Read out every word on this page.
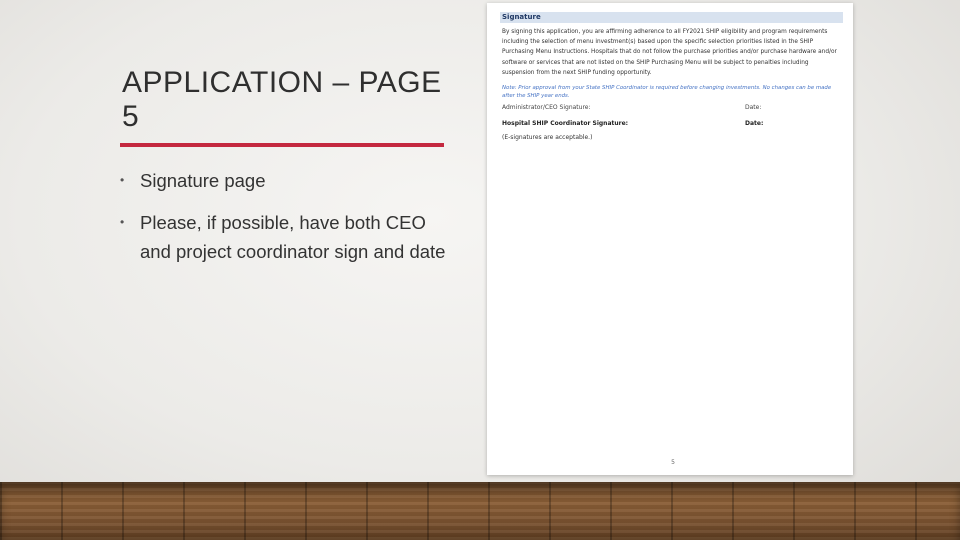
APPLICATION – PAGE 5
• Signature page
• Please, if possible, have both CEO and project coordinator sign and date
Signature

By signing this application, you are affirming adherence to all FY2021 SHIP eligibility and program requirements including the selection of menu investment(s) based upon the specific selection priorities listed in the SHIP Purchasing Menu Instructions. Hospitals that do not follow the purchase priorities and/or purchase hardware and/or software or services that are not listed on the SHIP Purchasing Menu will be subject to penalties including suspension from the next SHIP funding opportunity.

Note: Prior approval from your State SHIP Coordinator is required before changing investments. No changes can be made after the SHIP year ends.

Administrator/CEO Signature:	Date:
Hospital SHIP Coordinator Signature:	Date:
(E-signatures are acceptable.)
5
